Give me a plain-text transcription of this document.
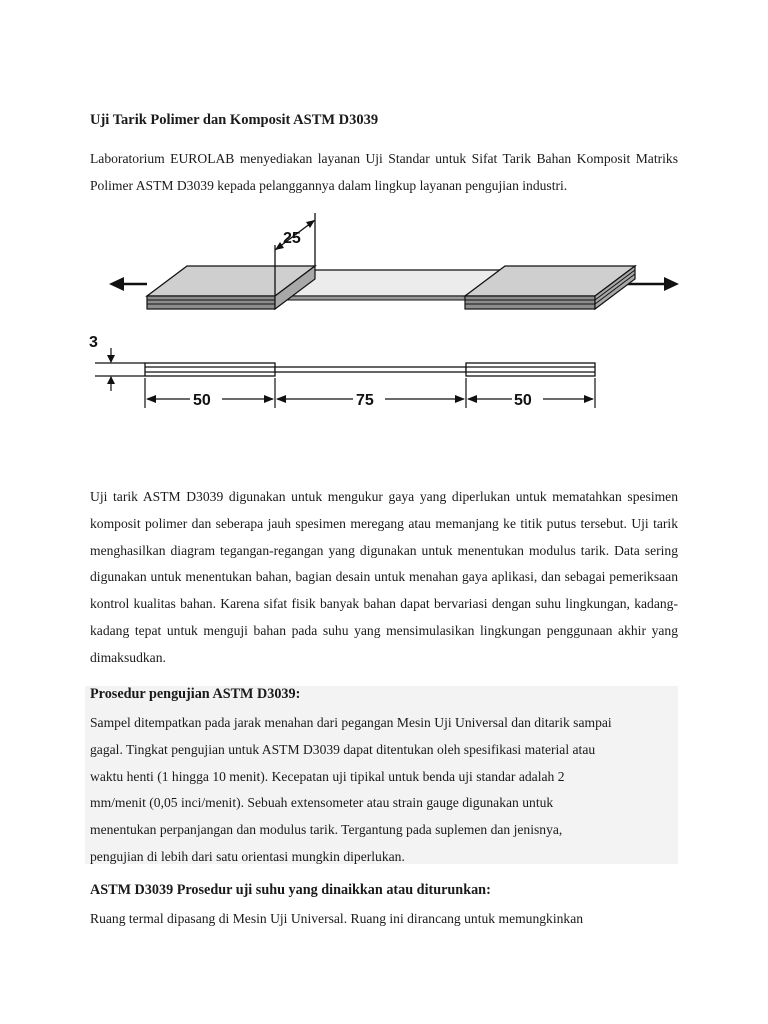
Uji Tarik Polimer dan Komposit ASTM D3039

Laboratorium EUROLAB menyediakan layanan Uji Standar untuk Sifat Tarik Bahan Komposit Matriks Polimer ASTM D3039 kepada pelanggannya dalam lingkup layanan pengujian industri.

25
3
50	75	50

Uji tarik ASTM D3039 digunakan untuk mengukur gaya yang diperlukan untuk mematahkan spesimen komposit polimer dan seberapa jauh spesimen meregang atau memanjang ke titik putus tersebut. Uji tarik menghasilkan diagram tegangan-regangan yang digunakan untuk menentukan modulus tarik. Data sering digunakan untuk menentukan bahan, bagian desain untuk menahan gaya aplikasi, dan sebagai pemeriksaan kontrol kualitas bahan. Karena sifat fisik banyak bahan dapat bervariasi dengan suhu lingkungan, kadang-kadang tepat untuk menguji bahan pada suhu yang mensimulasikan lingkungan penggunaan akhir yang dimaksudkan.

Prosedur pengujian ASTM D3039:

Sampel ditempatkan pada jarak menahan dari pegangan Mesin Uji Universal dan ditarik sampai
gagal. Tingkat pengujian untuk ASTM D3039 dapat ditentukan oleh spesifikasi material atau
waktu henti (1 hingga 10 menit). Kecepatan uji tipikal untuk benda uji standar adalah 2
mm/menit (0,05 inci/menit). Sebuah extensometer atau strain gauge digunakan untuk
menentukan perpanjangan dan modulus tarik. Tergantung pada suplemen dan jenisnya,
pengujian di lebih dari satu orientasi mungkin diperlukan.

ASTM D3039 Prosedur uji suhu yang dinaikkan atau diturunkan:

Ruang termal dipasang di Mesin Uji Universal. Ruang ini dirancang untuk memungkinkan
